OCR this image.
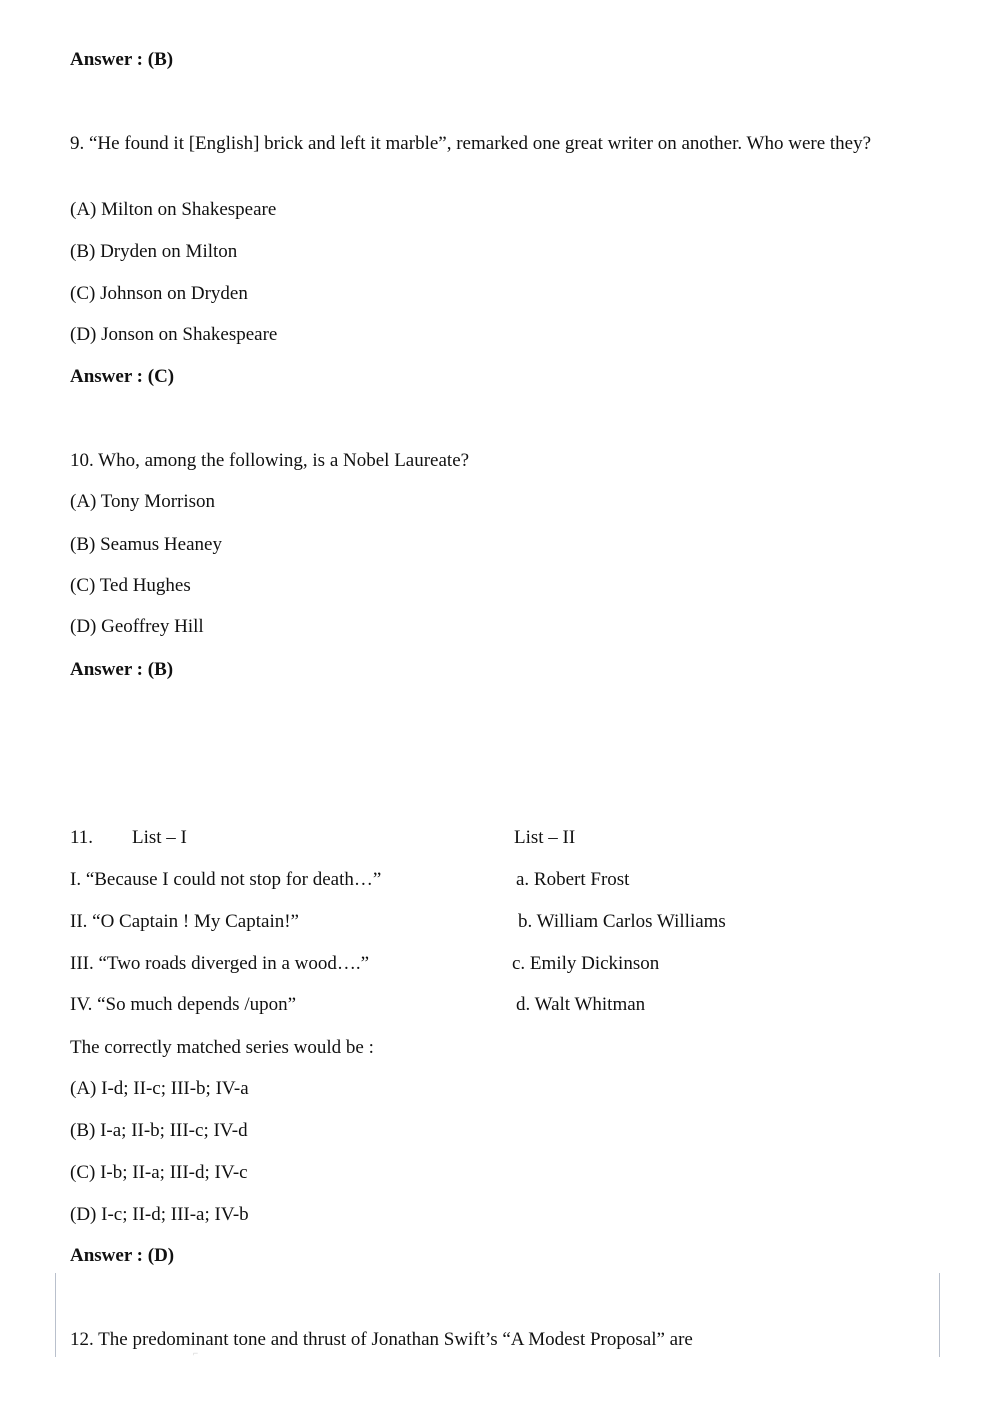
Answer : (B)
9. “He found it [English] brick and left it marble”, remarked one great writer on another. Who were they?
(A) Milton on Shakespeare
(B) Dryden on Milton
(C) Johnson on Dryden
(D) Jonson on Shakespeare
Answer : (C)
10. Who, among the following, is a Nobel Laureate?
(A) Tony Morrison
(B) Seamus Heaney
(C) Ted Hughes
(D) Geoffrey Hill
Answer : (B)
11. List – I	List – II
I. “Because I could not stop for death…”	a. Robert Frost
II. “O Captain ! My Captain!”	b. William Carlos Williams
III. “Two roads diverged in a wood….”	c. Emily Dickinson
IV. “So much depends /upon”	d. Walt Whitman
The correctly matched series would be :
(A) I-d; II-c; III-b; IV-a
(B) I-a; II-b; III-c; IV-d
(C) I-b; II-a; III-d; IV-c
(D) I-c; II-d; III-a; IV-b
Answer : (D)
⌐
12. The predominant tone and thrust of Jonathan Swift’s “A Modest Proposal” are
